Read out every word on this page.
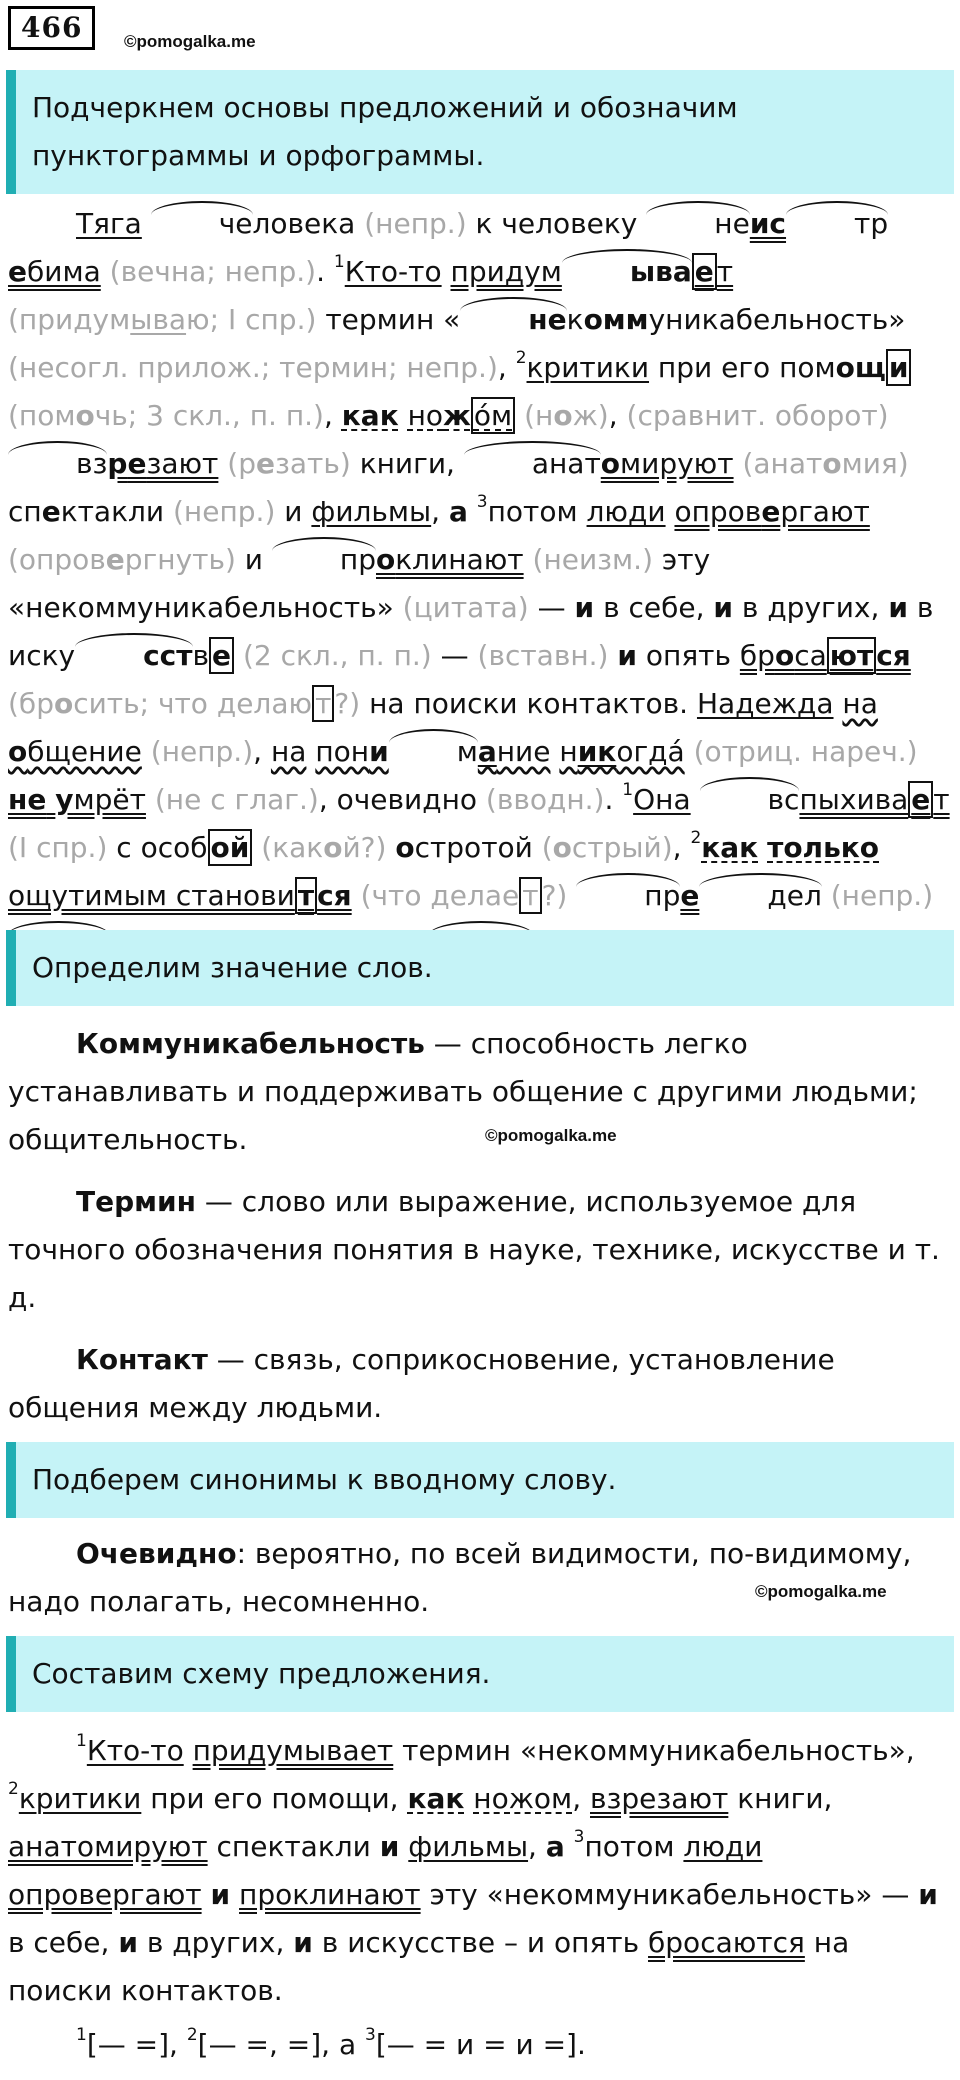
466	©pomogalka.me
Подчеркнем основы предложений и обозначим пунктограммы и орфограммы.

Тяга	человека (непр.) к человеку	неис требима (вечна; непр.). $^1$Кто-то придум ыва е т (придумываю; I спр.) термин « некоммуникабельность» (несогл. прилож.; термин; непр.), $^2$критики при его помощ и (помочь; 3 скл., п. п.), как нож о́м (нож), (сравнит. оборот) взрезают (резать) книги,	анатомируют (анатомия) спектакли (непр.) и фильмы, а $^3$потом люди опровергают (опровергнуть) и	проклинают (неизм.) эту «некоммуникабельность» (цитата) — и в себе, и в других, и в иску сств е (2 скл., п. п.) — (вставн.) и опять броса ют ся (бросить; что делаю т ?) на поиски контактов. Надежда на общение (непр.), на пони мание никогда́ (отриц. нареч.) не умрёт (не с глаг.), очевидно (вводн.). $^1$Она	вспыхива е т (I спр.) с особ ой (какой?) остротой (острый), $^2$как только ощутимым станови т ся (что делае т ?)	пре дел (непр.)

Определим значение слов.

Коммуникабельность — способность легко устанавливать и поддерживать общение с другими людьми; общительность.

Термин — слово или выражение, используемое для точного обозначения понятия в науке, технике, искусстве и т. д.

Контакт — связь, соприкосновение, установление общения между людьми.

©pomogalka.me
Подберем синонимы к вводному слову.

Очевидно: вероятно, по всей видимости, по-видимому, надо полагать, несомненно.	©pomogalka.me
Составим схему предложения.

$^1$Кто-то придумывает термин «некоммуникабельность», $^2$критики при его помощи, как ножом, взрезают книги, анатомируют спектакли и фильмы, а $^3$потом люди опровергают и проклинают эту «некоммуникабельность» — и в себе, и в других, и в искусстве – и опять бросаются на поиски контактов.

$^1$[— =], $^2$[— =, =], а $^3$[— = и = и =].
